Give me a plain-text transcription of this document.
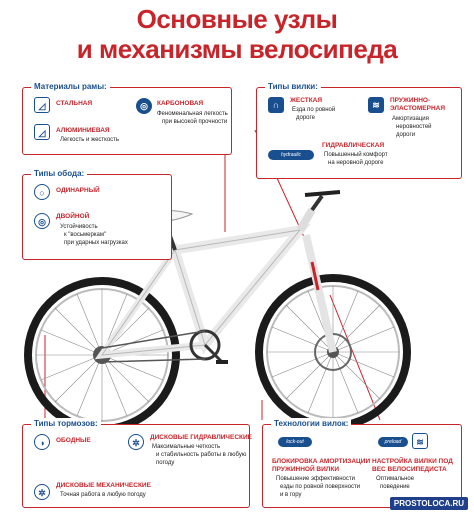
Основные узлы
и механизмы велосипеда
Материалы рамы:
◿	СТАЛЬНАЯ
◿	АЛЮМИНИЕВАЯ
Легкость и жесткость
◎	КАРБОНОВАЯ
Феноменальная легкость
при высокой прочности
Типы обода:
○	ОДИНАРНЫЙ
◎
ДВОЙНОЙ
Устойчивость
к "восьмеркам"
при ударных нагрузках
Типы вилки:
∩	ЖЕСТКАЯ
Езда по ровной
дороге
≋	ПРУЖИННО-
ЭЛАСТОМЕРНАЯ
Амортизация
неровностей
дороги
hydraulic
ГИДРАВЛИЧЕСКАЯ
Повышенный комфорт
на неровной дороге
Типы тормозов:
◑	ОБОДНЫЕ	✲
ДИСКОВЫЕ ГИДРАВЛИЧЕСКИЕ
Максимальные четкость
и стабильность работы в любую
погоду
✲
ДИСКОВЫЕ МЕХАНИЧЕСКИЕ
Точная работа в любую погоду
Технологии вилок:
lock-out
БЛОКИРОВКА АМОРТИЗАЦИИ
ПРУЖИННОЙ ВИЛКИ
Повышение эффективности
езды по ровной поверхности
и в гору
preload	≋
НАСТРОЙКА ВИЛКИ ПОД
ВЕС ВЕЛОСИПЕДИСТА
Оптимальное
поведение
PROSTOLOCA.RU
